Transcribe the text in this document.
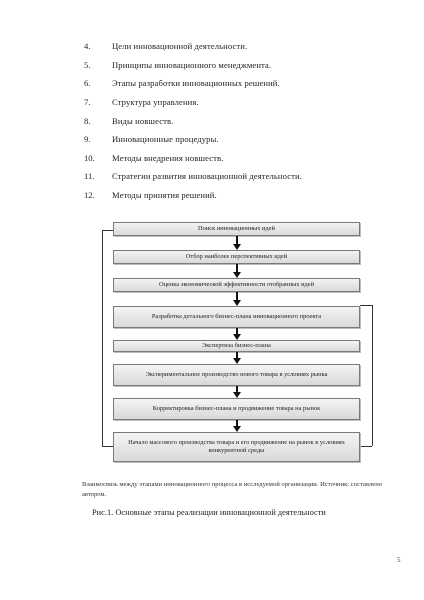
4.	Цели инновационной деятельности.
5.	Принципы инновационного менеджмента.
6.	Этапы разработки инновационных решений.
7.	Структура управления.
8.	Виды новшеств.
9.	Инновационные процедуры.
10.	Методы внедрения новшеств.
11.	Стратегии развития инновационной деятельности.
12.	Методы принятия решений.
Поиск инновационных идей
Отбор наиболее перспективных идей
Оценка экономической эффективности отобранных идей
Разработка детального бизнес-плана инновационного проекта
Экспертиза бизнес-плана
Экспериментальное производство нового товара в условиях рынка
Корректировка бизнес-плана и продвижение товара на рынок
Начало массового производства товара и его продвижение на рынок в условиях конкурентной среды
Взаимосвязь между этапами инновационного процесса в исследуемой организации. Источник: составлено автором.
Рис.1. Основные этапы реализации инновационной деятельности
5
